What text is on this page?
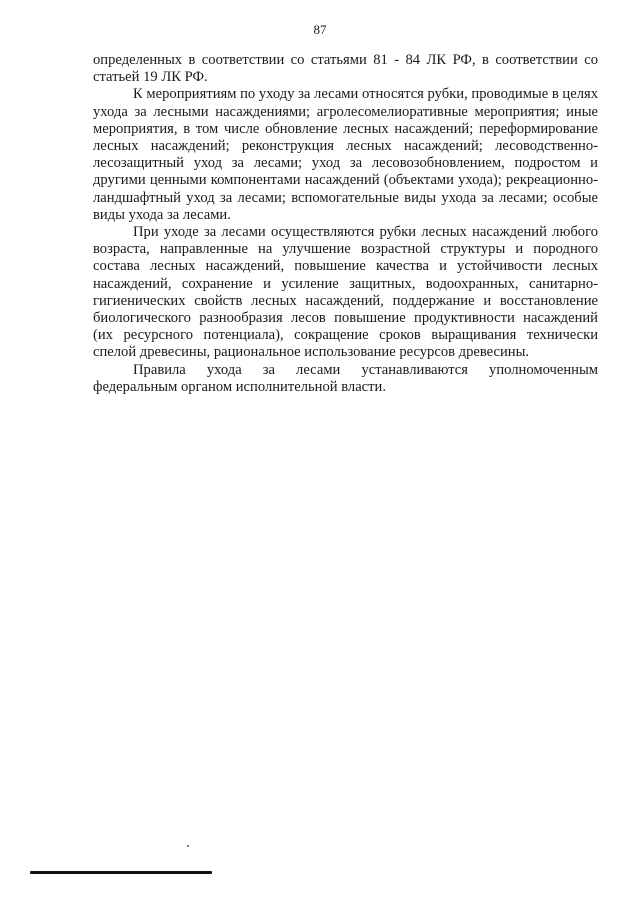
87

определенных в соответствии со статьями 81 - 84 ЛК РФ, в соответствии со статьей 19 ЛК РФ.

К мероприятиям по уходу за лесами относятся рубки, проводимые в целях ухода за лесными насаждениями; агролесомелиоративные мероприятия; иные мероприятия, в том числе обновление лесных насаждений; переформирование лесных насаждений; реконструкция лесных насаждений; лесоводственно-лесозащитный уход за лесами; уход за лесовозобновлением, подростом и другими ценными компонентами насаждений (объектами ухода); рекреационно-ландшафтный уход за лесами; вспомогательные виды ухода за лесами; особые виды ухода за лесами.

При уходе за лесами осуществляются рубки лесных насаждений любого возраста, направленные на улучшение возрастной структуры и породного состава лесных насаждений, повышение качества и устойчивости лесных насаждений, сохранение и усиление защитных, водоохранных, санитарно-гигиенических свойств лесных насаждений, поддержание и восстановление биологического разнообразия лесов повышение продуктивности насаждений (их ресурсного потенциала), сокращение сроков выращивания технически спелой древесины, рациональное использование ресурсов древесины.

Правила ухода за лесами устанавливаются уполномоченным федеральным органом исполнительной власти.
